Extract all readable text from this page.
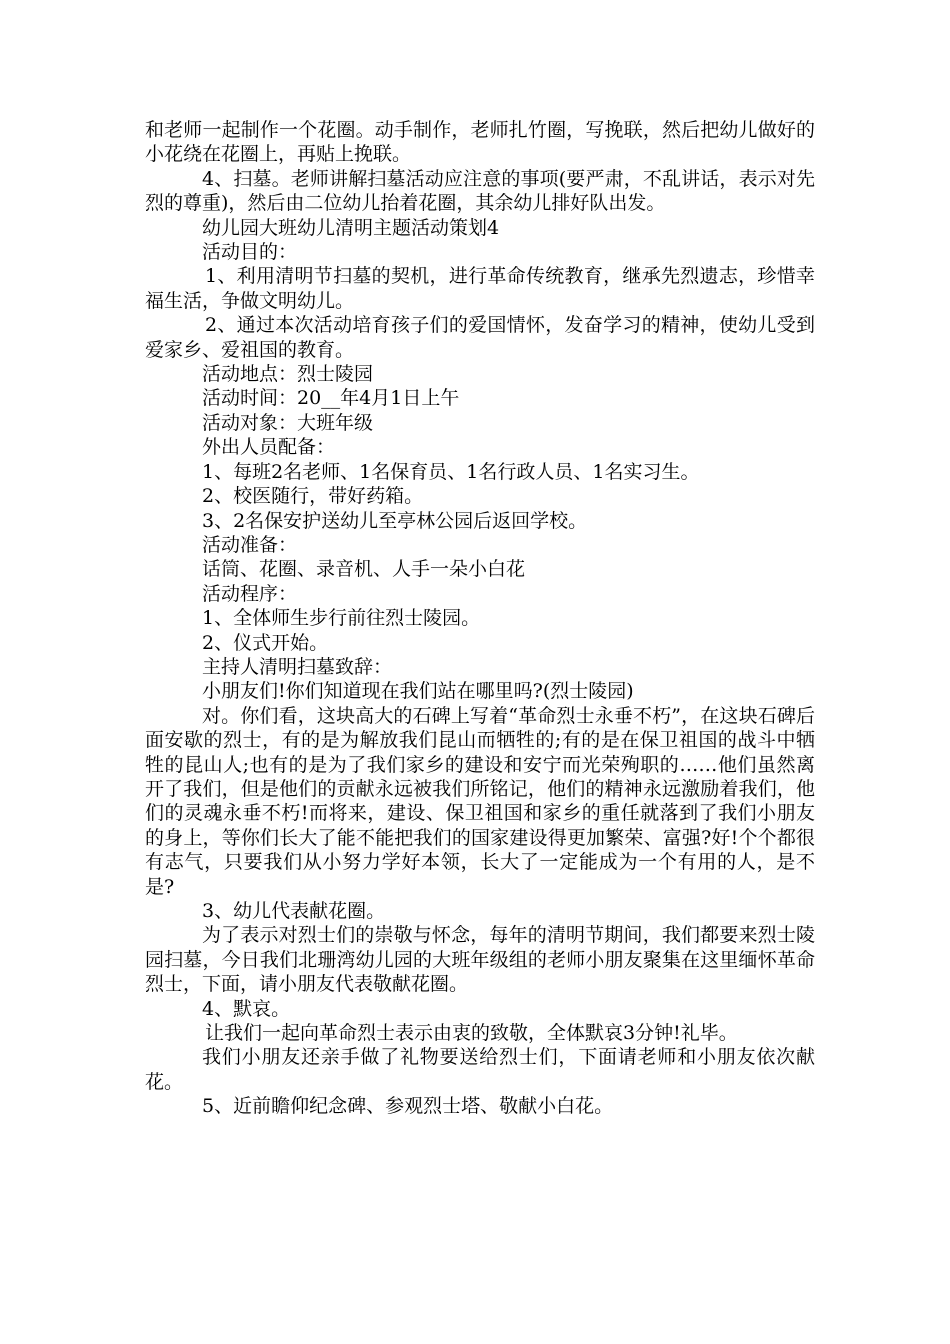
和老师一起制作一个花圈。动手制作，老师扎竹圈，写挽联，然后把幼儿做好的小花绕在花圈上，再贴上挽联。

4、扫墓。老师讲解扫墓活动应注意的事项(要严肃，不乱讲话，表示对先烈的尊重)，然后由二位幼儿抬着花圈，其余幼儿排好队出发。

幼儿园大班幼儿清明主题活动策划4

活动目的：

1、利用清明节扫墓的契机，进行革命传统教育，继承先烈遗志，珍惜幸福生活，争做文明幼儿。

2、通过本次活动培育孩子们的爱国情怀，发奋学习的精神，使幼儿受到爱家乡、爱祖国的教育。

活动地点：烈士陵园

活动时间：20__年4月1日上午

活动对象：大班年级

外出人员配备：

1、每班2名老师、1名保育员、1名行政人员、1名实习生。

2、校医随行，带好药箱。

3、2名保安护送幼儿至亭林公园后返回学校。

活动准备：

话筒、花圈、录音机、人手一朵小白花

活动程序：

1、全体师生步行前往烈士陵园。

2、仪式开始。

主持人清明扫墓致辞：

小朋友们!你们知道现在我们站在哪里吗?(烈士陵园)

对。你们看，这块高大的石碑上写着“革命烈士永垂不朽”，在这块石碑后面安歇的烈士，有的是为解放我们昆山而牺牲的;有的是在保卫祖国的战斗中牺牲的昆山人;也有的是为了我们家乡的建设和安宁而光荣殉职的……他们虽然离开了我们，但是他们的贡献永远被我们所铭记，他们的精神永远激励着我们，他们的灵魂永垂不朽!而将来，建设、保卫祖国和家乡的重任就落到了我们小朋友的身上，等你们长大了能不能把我们的国家建设得更加繁荣、富强?好!个个都很有志气，只要我们从小努力学好本领，长大了一定能成为一个有用的人，是不是?

3、幼儿代表献花圈。

为了表示对烈士们的崇敬与怀念，每年的清明节期间，我们都要来烈士陵园扫墓，今日我们北珊湾幼儿园的大班年级组的老师小朋友聚集在这里缅怀革命烈士，下面，请小朋友代表敬献花圈。

4、默哀。

让我们一起向革命烈士表示由衷的致敬，全体默哀3分钟!礼毕。

我们小朋友还亲手做了礼物要送给烈士们，下面请老师和小朋友依次献花。

5、近前瞻仰纪念碑、参观烈士塔、敬献小白花。
